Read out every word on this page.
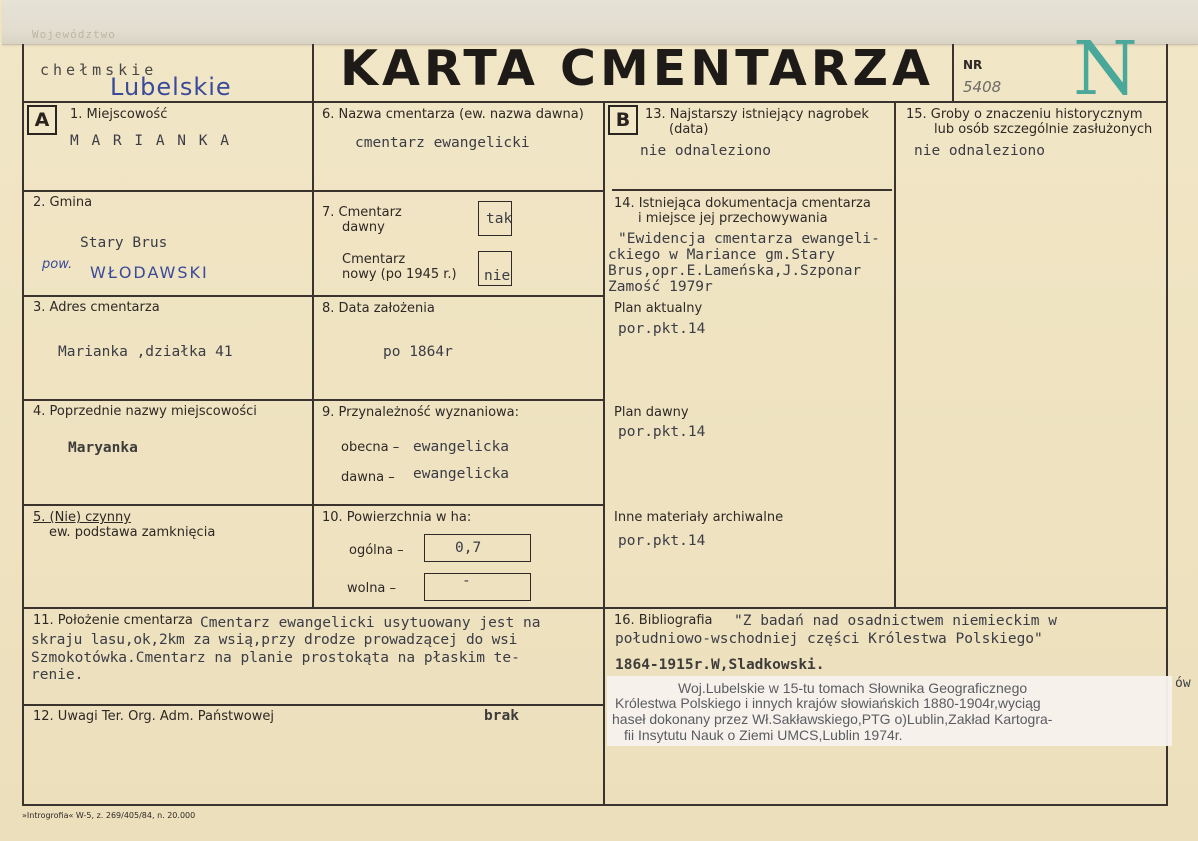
Województwo
chełmskie
Lubelskie KARTA CMENTARZA NR
5408 N
A	B
1. Miejscowość
M A R I A N K A
2. Gmina
Stary Brus
pow. WŁODAWSKI
3. Adres cmentarza
Marianka ,działka 41
4. Poprzednie nazwy miejscowości
Maryanka
5. (Nie) czynny
ew. podstawa zamknięcia
6. Nazwa cmentarza (ew. nazwa dawna)
cmentarz ewangelicki
7. Cmentarz
dawny
tak
Cmentarz
nowy (po 1945 r.) nie
8. Data założenia
po 1864r
9. Przynależność wyznaniowa:
obecna – ewangelicka
dawna – ewangelicka
10. Powierzchnia w ha:
ogólna –	0,7
wolna –	-
11. Położenie cmentarza Cmentarz ewangelicki usytuowany jest na
skraju lasu,ok,2km za wsią,przy drodze prowadzącej do wsi
Szmokotówka.Cmentarz na planie prostokąta na płaskim te-
renie.
12. Uwagi Ter. Org. Adm. Państwowej	brak
13. Najstarszy istniejący nagrobek
(data)
nie odnaleziono
14. Istniejąca dokumentacja cmentarza
i miejsce jej przechowywania
"Ewidencja cmentarza ewangeli-
ckiego w Mariance gm.Stary
Brus,opr.E.Lameńska,J.Szponar
Zamość 1979r
Plan aktualny
por.pkt.14
Plan dawny
por.pkt.14
Inne materiały archiwalne
por.pkt.14
15. Groby o znaczeniu historycznym
lub osób szczególnie zasłużonych
nie odnaleziono
16. Bibliografia "Z badań nad osadnictwem niemieckim w
południowo-wschodniej części Królestwa Polskiego"
1864-1915r.W,Sladkowski.
Woj.Lubelskie w 15-tu tomach Słownika Geograficznego
Królestwa Polskiego i innych krajów słowiańskich 1880-1904r,wyciąg
haseł dokonany przez Wł.Sakławskiego,PTG o)Lublin,Zakład Kartogra-
fii Insytutu Nauk o Ziemi UMCS,Lublin 1974r.
ów
»Introgrofia« W-5, z. 269/405/84, n. 20.000
